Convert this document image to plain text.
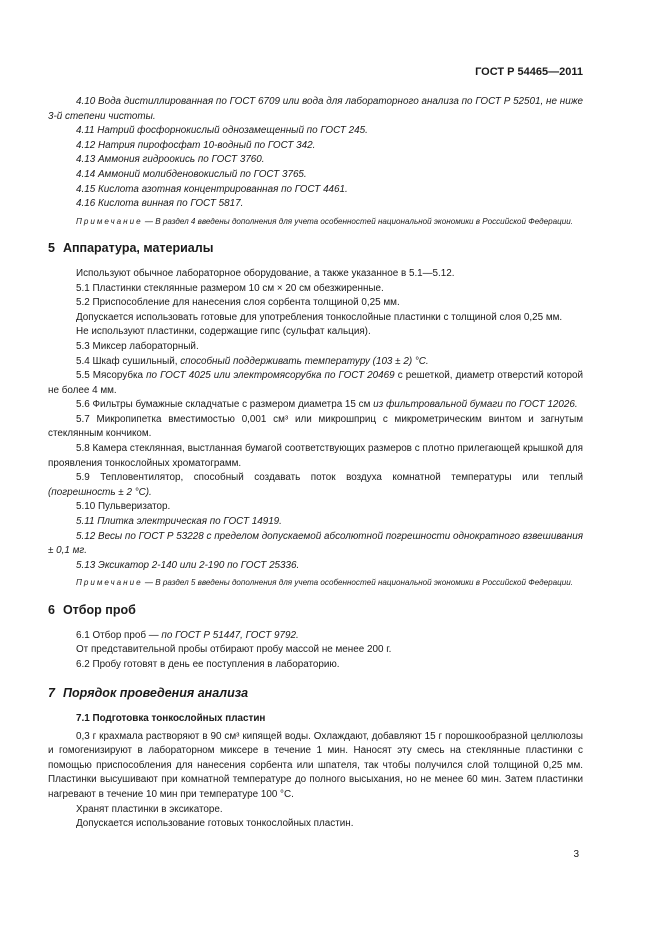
ГОСТ Р 54465—2011

4.10 Вода дистиллированная по ГОСТ 6709 или вода для лабораторного анализа по ГОСТ Р 52501, не ниже 3-й степени чистоты.

4.11 Натрий фосфорнокислый однозамещенный по ГОСТ 245.

4.12 Натрия пирофосфат 10-водный по ГОСТ 342.

4.13 Аммония гидроокись по ГОСТ 3760.

4.14 Аммоний молибденовокислый по ГОСТ 3765.

4.15 Кислота азотная концентрированная по ГОСТ 4461.

4.16 Кислота винная по ГОСТ 5817.

Примечание — В раздел 4 введены дополнения для учета особенностей национальной экономики в Российской Федерации.

5 Аппаратура, материалы

Используют обычное лабораторное оборудование, а также указанное в 5.1—5.12.

5.1 Пластинки стеклянные размером 10 см × 20 см обезжиренные.

5.2 Приспособление для нанесения слоя сорбента толщиной 0,25 мм.

Допускается использовать готовые для употребления тонкослойные пластинки с толщиной слоя 0,25 мм.

Не используют пластинки, содержащие гипс (сульфат кальция).

5.3 Миксер лабораторный.

5.4 Шкаф сушильный, способный поддерживать температуру (103 ± 2) °С.

5.5 Мясорубка по ГОСТ 4025 или электромясорубка по ГОСТ 20469 с решеткой, диаметр отверстий которой не более 4 мм.

5.6 Фильтры бумажные складчатые с размером диаметра 15 см из фильтровальной бумаги по ГОСТ 12026.

5.7 Микропипетка вместимостью 0,001 см³ или микрошприц с микрометрическим винтом и загнутым стеклянным кончиком.

5.8 Камера стеклянная, выстланная бумагой соответствующих размеров с плотно прилегающей крышкой для проявления тонкослойных хроматограмм.

5.9 Тепловентилятор, способный создавать поток воздуха комнатной температуры или теплый (погрешность ± 2 °С).

5.10 Пульверизатор.

5.11 Плитка электрическая по ГОСТ 14919.

5.12 Весы по ГОСТ Р 53228 с пределом допускаемой абсолютной погрешности однократного взвешивания ± 0,1 мг.

5.13 Эксикатор 2-140 или 2-190 по ГОСТ 25336.

Примечание — В раздел 5 введены дополнения для учета особенностей национальной экономики в Российской Федерации.

6 Отбор проб

6.1 Отбор проб — по ГОСТ Р 51447, ГОСТ 9792.

От представительной пробы отбирают пробу массой не менее 200 г.

6.2 Пробу готовят в день ее поступления в лабораторию.

7 Порядок проведения анализа
7.1 Подготовка тонкослойных пластин

0,3 г крахмала растворяют в 90 см³ кипящей воды. Охлаждают, добавляют 15 г порошкообразной целлюлозы и гомогенизируют в лабораторном миксере в течение 1 мин. Наносят эту смесь на стеклянные пластинки с помощью приспособления для нанесения сорбента или шпателя, так чтобы получился слой толщиной 0,25 мм. Пластинки высушивают при комнатной температуре до полного высыхания, но не менее 60 мин. Затем пластинки нагревают в течение 10 мин при температуре 100 °С.

Хранят пластинки в эксикаторе.

Допускается использование готовых тонкослойных пластин.

3
